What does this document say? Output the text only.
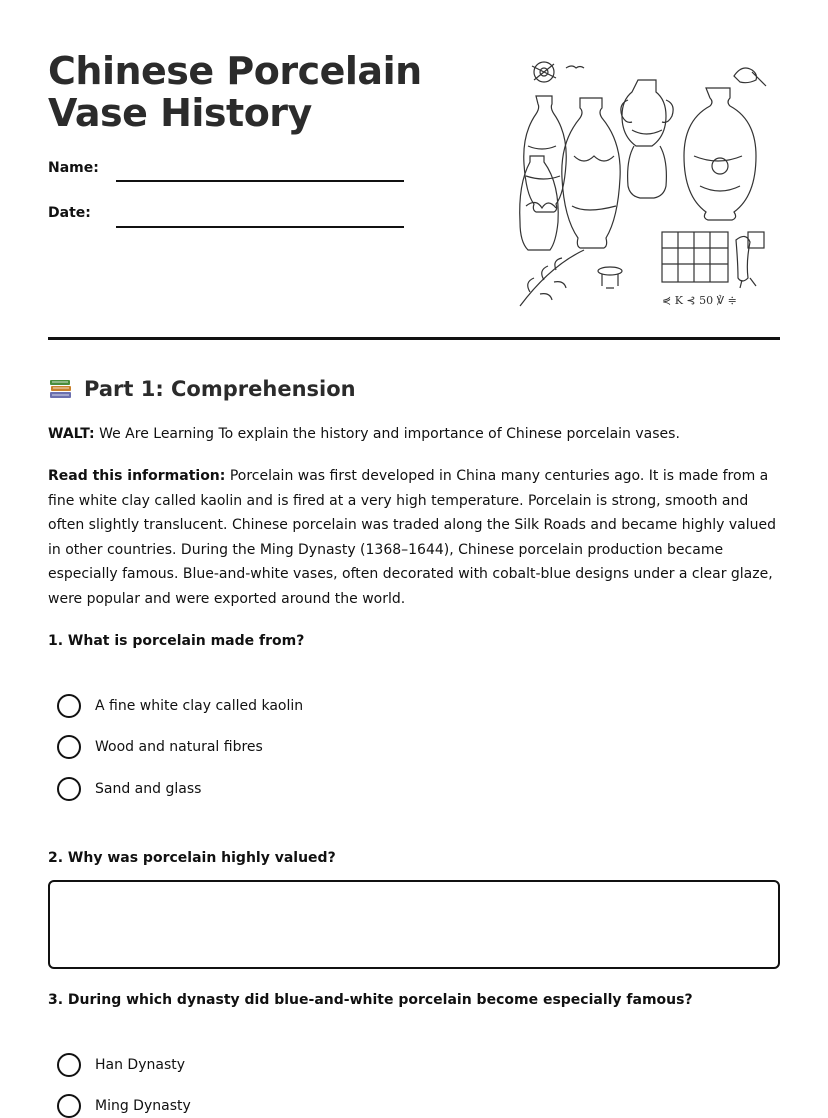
Chinese Porcelain Vase History
Name:
Date:
⋞ K ⊰ 50 ℣ ≑
Part 1: Comprehension
WALT: We Are Learning To explain the history and importance of Chinese porcelain vases.
Read this information: Porcelain was first developed in China many centuries ago. It is made from a fine white clay called kaolin and is fired at a very high temperature. Porcelain is strong, smooth and often slightly translucent. Chinese porcelain was traded along the Silk Roads and became highly valued in other countries. During the Ming Dynasty (1368–1644), Chinese porcelain production became especially famous. Blue-and-white vases, often decorated with cobalt-blue designs under a clear glaze, were popular and were exported around the world.
1. What is porcelain made from?
A fine white clay called kaolin
Wood and natural fibres
Sand and glass
2. Why was porcelain highly valued?
3. During which dynasty did blue-and-white porcelain become especially famous?
Han Dynasty
Ming Dynasty
